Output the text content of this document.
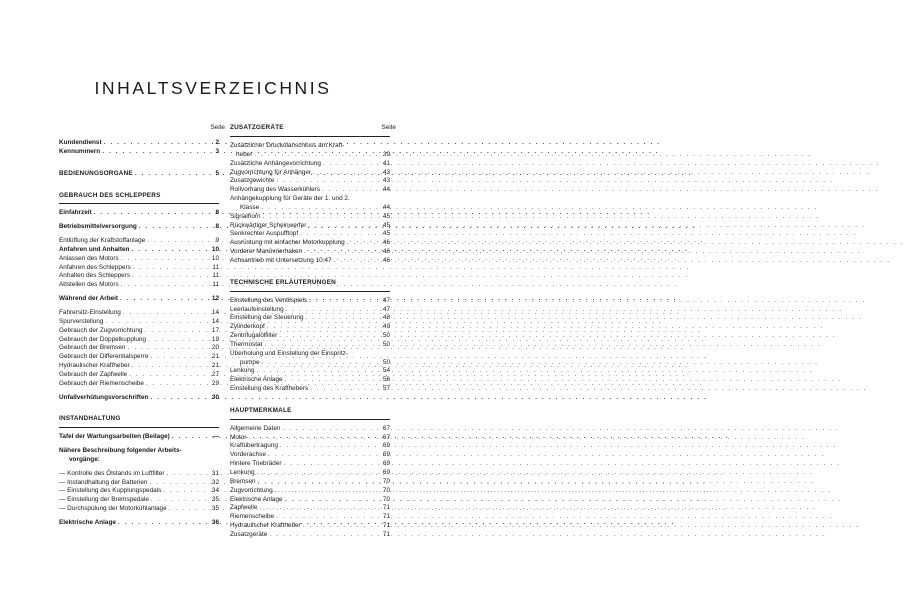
INHALTSVERZEICHNIS
Seite
Kundendienst . . .	2
Kennummern . . .	3
BEDIENUNGSORGANE . . .	5
GEBRAUCH DES SCHLEPPERS
Einfahrzeit . . .	8
Betriebsmittelversorgung . . .	8
Entlüftung der Kraftstoffanlage . . .	9
Anfahren und Anhalten . . .	10
Anlassen des Motors . . .	10
Anfahren des Schleppers . . .	11
Anhalten des Schleppers . . .	11
Abstellen des Motors . . .	11
Während der Arbeit . . .	12
Fahrersitz-Einstellung . . .	14
Spurverstellung . . .	14
Gebrauch der Zugvorrichtung . . .	17
Gebrauch der Doppelkupplung . . .	19
Gebrauch der Bremsen . . .	20
Gebrauch der Differentialsperre . . .	21
Hydraulischer Kraftheber . . .	21
Gebrauch der Zapfwelle . . .	27
Gebrauch der Riemenscheibe . . .	29
Unfallverhütungsvorschriften . . .	30
INSTANDHALTUNG
Tafel der Wartungsarbeiten (Beilage) . . .	—
Nähere Beschreibung folgender Arbeits-
vorgänge:
— Kontrolle des Ölstands im Luftfilter . . .	31
— Instandhaltung der Batterien . . .	32
— Einstellung des Kupplungspedals . . .	34
— Einstellung der Bremspedale . . .	35
— Durchspülung der Motorkühlanlage . . .	35
Elektrische Anlage . . .	36
ZUSATZGERÄTE	Seite
Zusätzlicher Druckölanschluss am Kraft-
heber . . .	39
Zusätzliche Anhängevorrichtung . . .	41
Zugvorrichtung für Anhänger . . .	43
Zusatzgewichte . . .	43
Rollvorhang des Wasserkühlers . . .	44
Anhängekupplung für Geräte der 1. und 2.
Klasse . . .	44
Signalhorn . . .	45
Rückwärtiger Scheinwerfer . . .	45
Senkrechter Auspufftopf . . .	45
Ausrüstung mit einfacher Motorkupplung . . .	46
Vorderer Manövrierhaken . . .	46
Achsantrieb mit Untersetzung 10:47 . . .	46
TECHNISCHE ERLÄUTERUNGEN
Einstellung des Ventilspiels . . .	47
Leerlaufeinstellung . . .	47
Einstellung der Steuerung . . .	48
Zylinderkopf . . .	49
Zentrifugalölfilter . . .	50
Thermostat . . .	50
Überholung und Einstellung der Einspritz-
pumpe . . .	50
Lenkung . . .	54
Elektrische Anlage . . .	56
Einstellung des Krafthebers . . .	57
HAUPTMERKMALE
Allgemeine Daten . . .	67
Motor . . .	67
Kraftübertragung . . .	69
Vorderachse . . .	69
Hintere Triebräder . . .	69
Lenkung . . .	69
Bremsen . . .	70
Zugvorrichtung . . .	70
Elektrische Anlage . . .	70
Zapfwelle . . .	71
Riemenscheibe . . .	71
Hydraulischer Kraftheber . . .	71
Zusatzgeräte . . .	71
